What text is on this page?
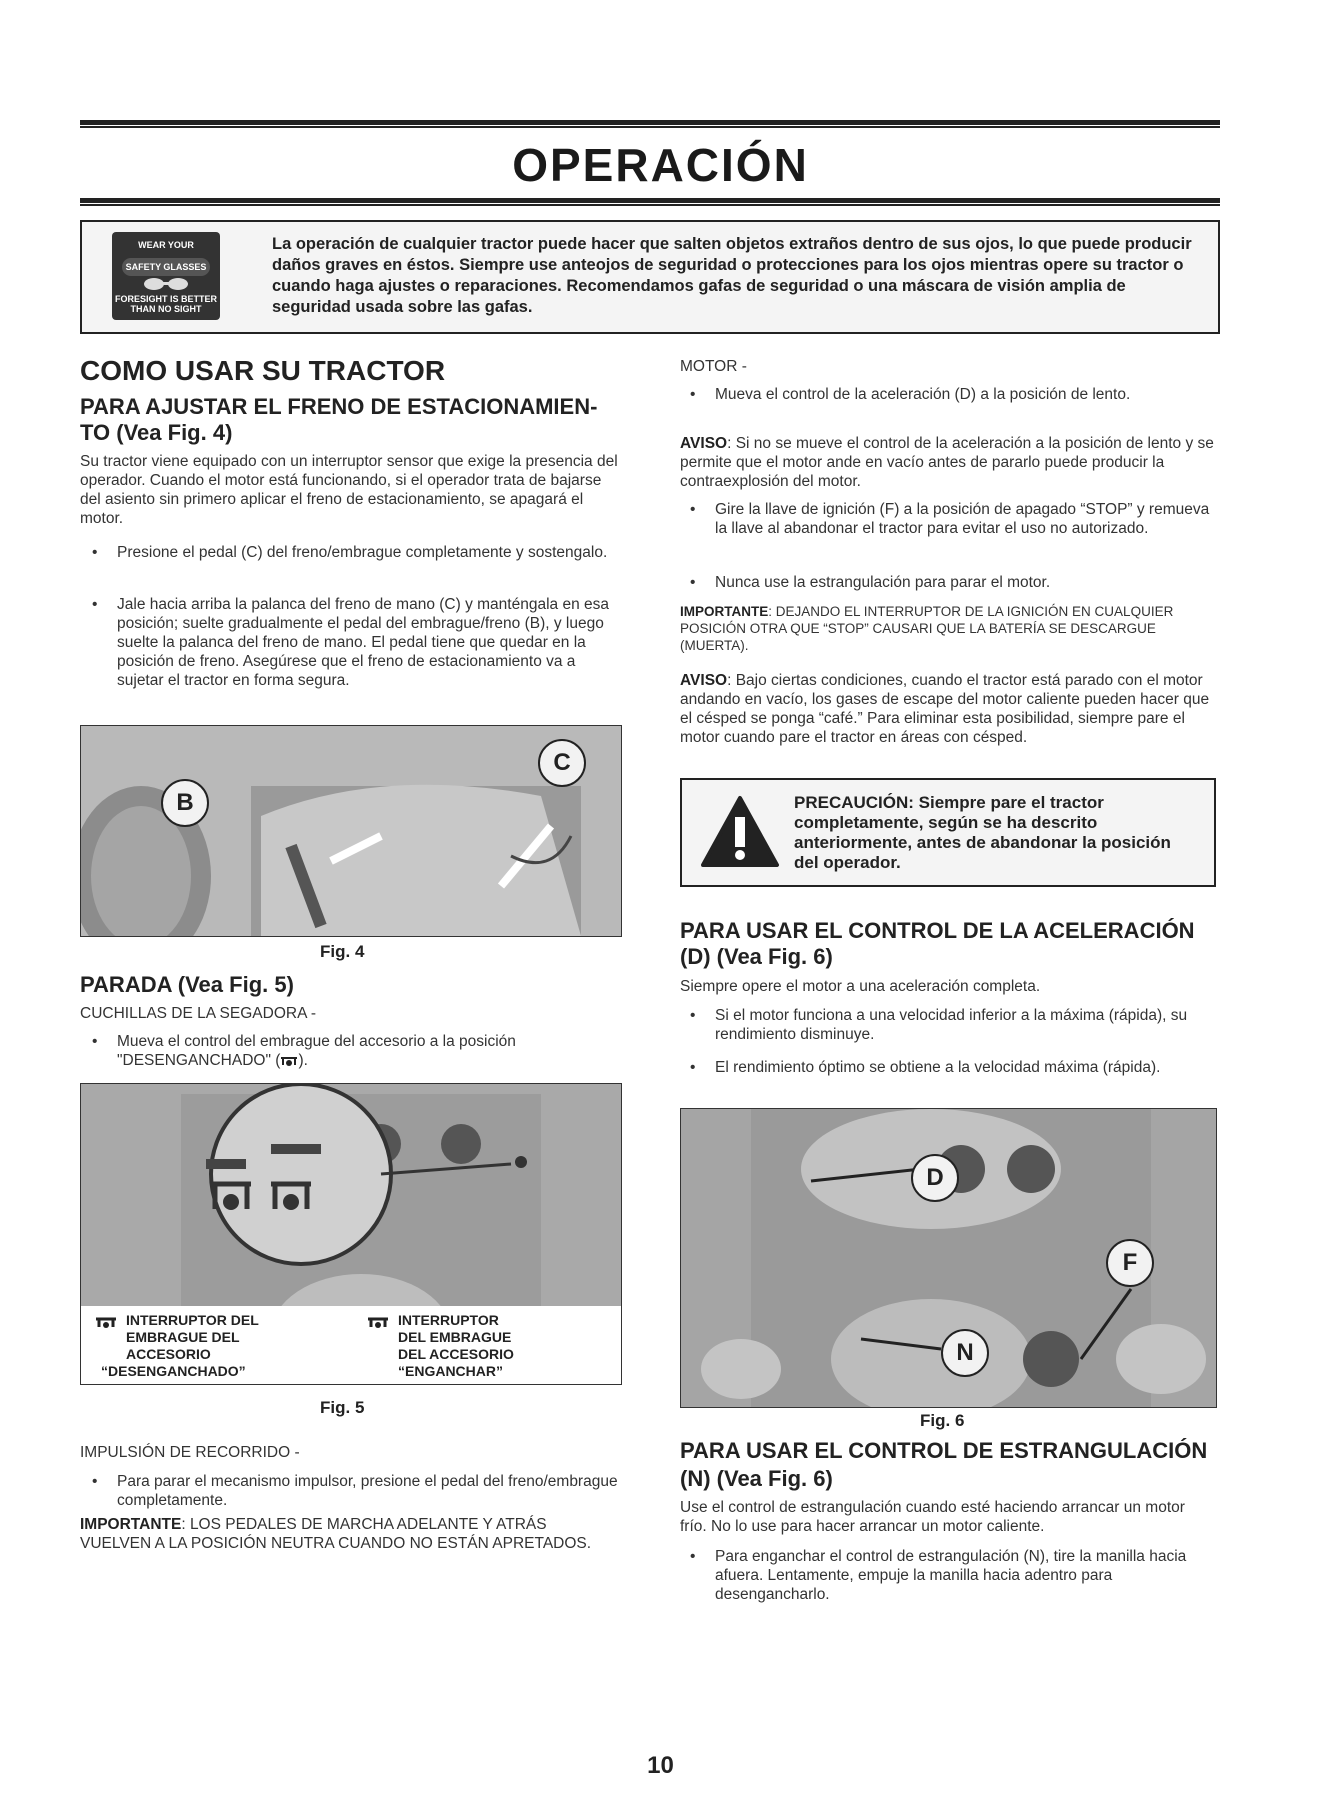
OPERACIÓN
WEAR YOUR
SAFETY GLASSES
FORESIGHT IS BETTER
THAN NO SIGHT
La operación de cualquier tractor puede hacer que salten objetos extraños dentro de sus ojos, lo que puede producir daños graves en éstos. Siempre use anteojos de seguridad o protecciones para los ojos mientras opere su tractor o cuando haga ajustes o reparaciones. Recomendamos gafas de seguridad o una máscara de visión amplia de seguridad usada sobre las gafas.
COMO USAR SU TRACTOR
PARA AJUSTAR EL FRENO DE ESTACIONAMIEN-
TO (Vea Fig. 4)
Su tractor viene equipado con un interruptor sensor que exige la presencia del operador. Cuando el motor está funcionando, si el operador trata de bajarse del asiento sin primero aplicar el freno de estacionamiento, se apagará el motor.
• Presione el pedal (C) del freno/embrague completamente y sostengalo.
• Jale hacia arriba la palanca del freno de mano (C) y manténgala en esa posición; suelte gradualmente el pedal del embrague/freno (B), y luego suelte la palanca del freno de mano. El pedal tiene que quedar en la posición de freno. Asegúrese que el freno de estacionamiento va a sujetar el tractor en forma segura.
B
C
Fig. 4
PARADA (Vea Fig. 5)
CUCHILLAS DE LA SEGADORA -
• Mueva el control del embrague del accesorio a la posición "DESENGANCHADO" ( ).
INTERRUPTOR DEL
EMBRAGUE DEL
ACCESORIO
“DESENGANCHADO”
INTERRUPTOR
DEL EMBRAGUE
DEL ACCESORIO
“ENGANCHAR”
Fig. 5
IMPULSIÓN DE RECORRIDO -
• Para parar el mecanismo impulsor, presione el pedal del freno/embrague completamente.
IMPORTANTE: LOS PEDALES DE MARCHA ADELANTE Y ATRÁS VUELVEN A LA POSICIÓN NEUTRA CUANDO NO ESTÁN APRETADOS.
MOTOR -
• Mueva el control de la aceleración (D) a la posición de lento.
AVISO: Si no se mueve el control de la aceleración a la posición de lento y se permite que el motor ande en vacío antes de pararlo puede producir la contraexplosión del motor.
• Gire la llave de ignición (F) a la posición de apagado “STOP” y remueva la llave al abandonar el tractor para evitar el uso no autorizado.
• Nunca use la estrangulación para parar el motor.
IMPORTANTE: DEJANDO EL INTERRUPTOR DE LA IGNICIÓN EN CUALQUIER POSICIÓN OTRA QUE “STOP” CAUSARI QUE LA BATERÍA SE DESCARGUE (MUERTA).
AVISO: Bajo ciertas condiciones, cuando el tractor está parado con el motor andando en vacío, los gases de escape del motor caliente pueden hacer que el césped se ponga “café.” Para eliminar esta posibilidad, siempre pare el motor cuando pare el tractor en áreas con césped.
PRECAUCIÓN: Siempre pare el tractor completamente, según se ha descrito anteriormente, antes de abandonar la posición del operador.
PARA USAR EL CONTROL DE LA ACELERACIÓN
(D) (Vea Fig. 6)
Siempre opere el motor a una aceleración completa.
• Si el motor funciona a una velocidad inferior a la máxima (rápida), su rendimiento disminuye.
• El rendimiento óptimo se obtiene a la velocidad máxima (rápida).
D
F
N
Fig. 6
PARA USAR EL CONTROL DE ESTRANGULACIÓN
(N) (Vea Fig. 6)
Use el control de estrangulación cuando esté haciendo arrancar un motor frío. No lo use para hacer arrancar un motor caliente.
• Para enganchar el control de estrangulación (N), tire la manilla hacia afuera. Lentamente, empuje la manilla hacia adentro para desengancharlo.
10
